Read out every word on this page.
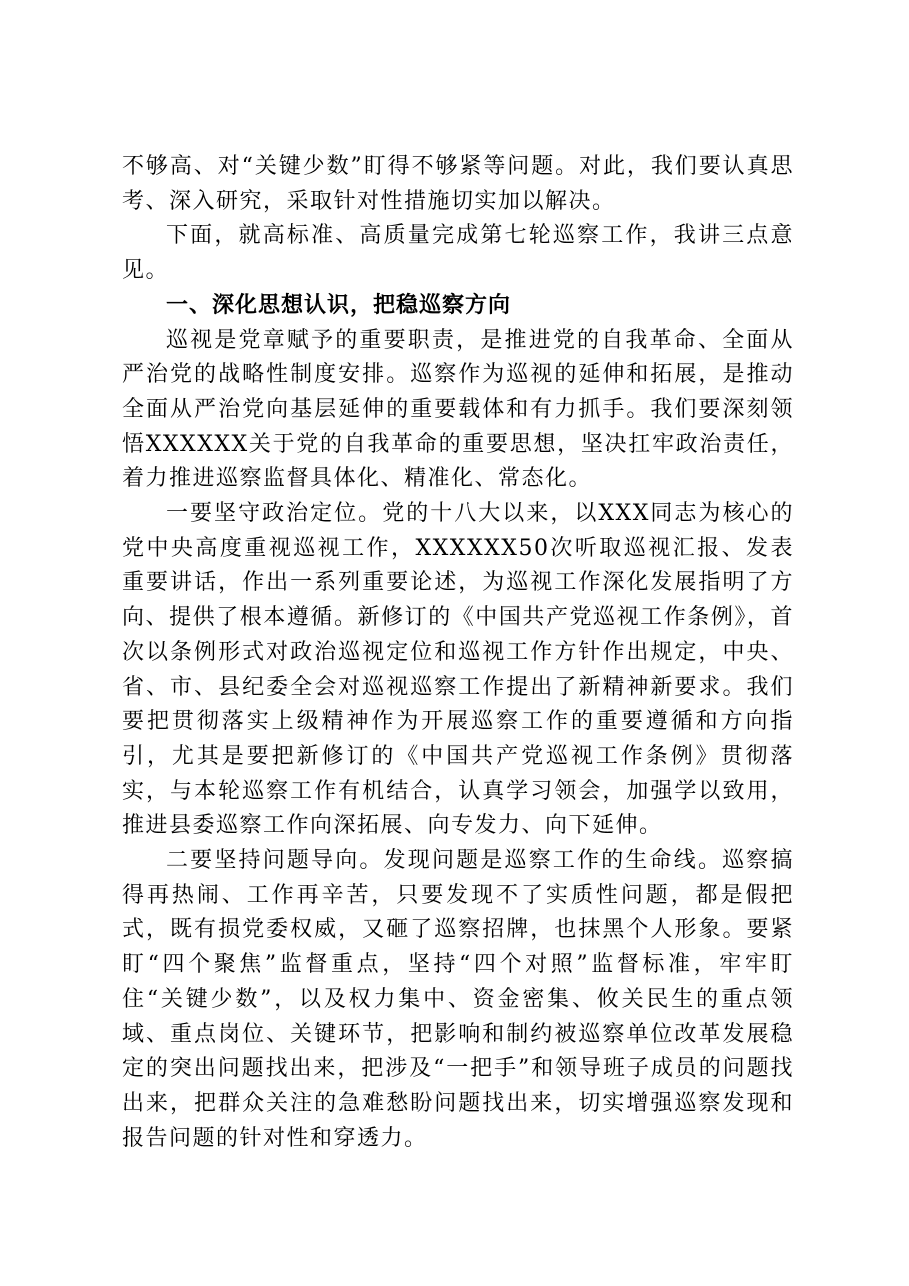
不够高、对“关键少数”盯得不够紧等问题。对此，我们要认真思考、深入研究，采取针对性措施切实加以解决。

下面，就高标准、高质量完成第七轮巡察工作，我讲三点意见。

一、深化思想认识，把稳巡察方向

巡视是党章赋予的重要职责，是推进党的自我革命、全面从严治党的战略性制度安排。巡察作为巡视的延伸和拓展，是推动全面从严治党向基层延伸的重要载体和有力抓手。我们要深刻领悟XXXXXX关于党的自我革命的重要思想，坚决扛牢政治责任，着力推进巡察监督具体化、精准化、常态化。

一要坚守政治定位。党的十八大以来，以XXX同志为核心的党中央高度重视巡视工作，XXXXXX50次听取巡视汇报、发表重要讲话，作出一系列重要论述，为巡视工作深化发展指明了方向、提供了根本遵循。新修订的《中国共产党巡视工作条例》，首次以条例形式对政治巡视定位和巡视工作方针作出规定，中央、省、市、县纪委全会对巡视巡察工作提出了新精神新要求。我们要把贯彻落实上级精神作为开展巡察工作的重要遵循和方向指引，尤其是要把新修订的《中国共产党巡视工作条例》贯彻落实，与本轮巡察工作有机结合，认真学习领会，加强学以致用，推进县委巡察工作向深拓展、向专发力、向下延伸。

二要坚持问题导向。发现问题是巡察工作的生命线。巡察搞得再热闹、工作再辛苦，只要发现不了实质性问题，都是假把式，既有损党委权威，又砸了巡察招牌，也抹黑个人形象。要紧盯“四个聚焦”监督重点，坚持“四个对照”监督标准，牢牢盯住“关键少数”，以及权力集中、资金密集、攸关民生的重点领域、重点岗位、关键环节，把影响和制约被巡察单位改革发展稳定的突出问题找出来，把涉及“一把手”和领导班子成员的问题找出来，把群众关注的急难愁盼问题找出来，切实增强巡察发现和报告问题的针对性和穿透力。
